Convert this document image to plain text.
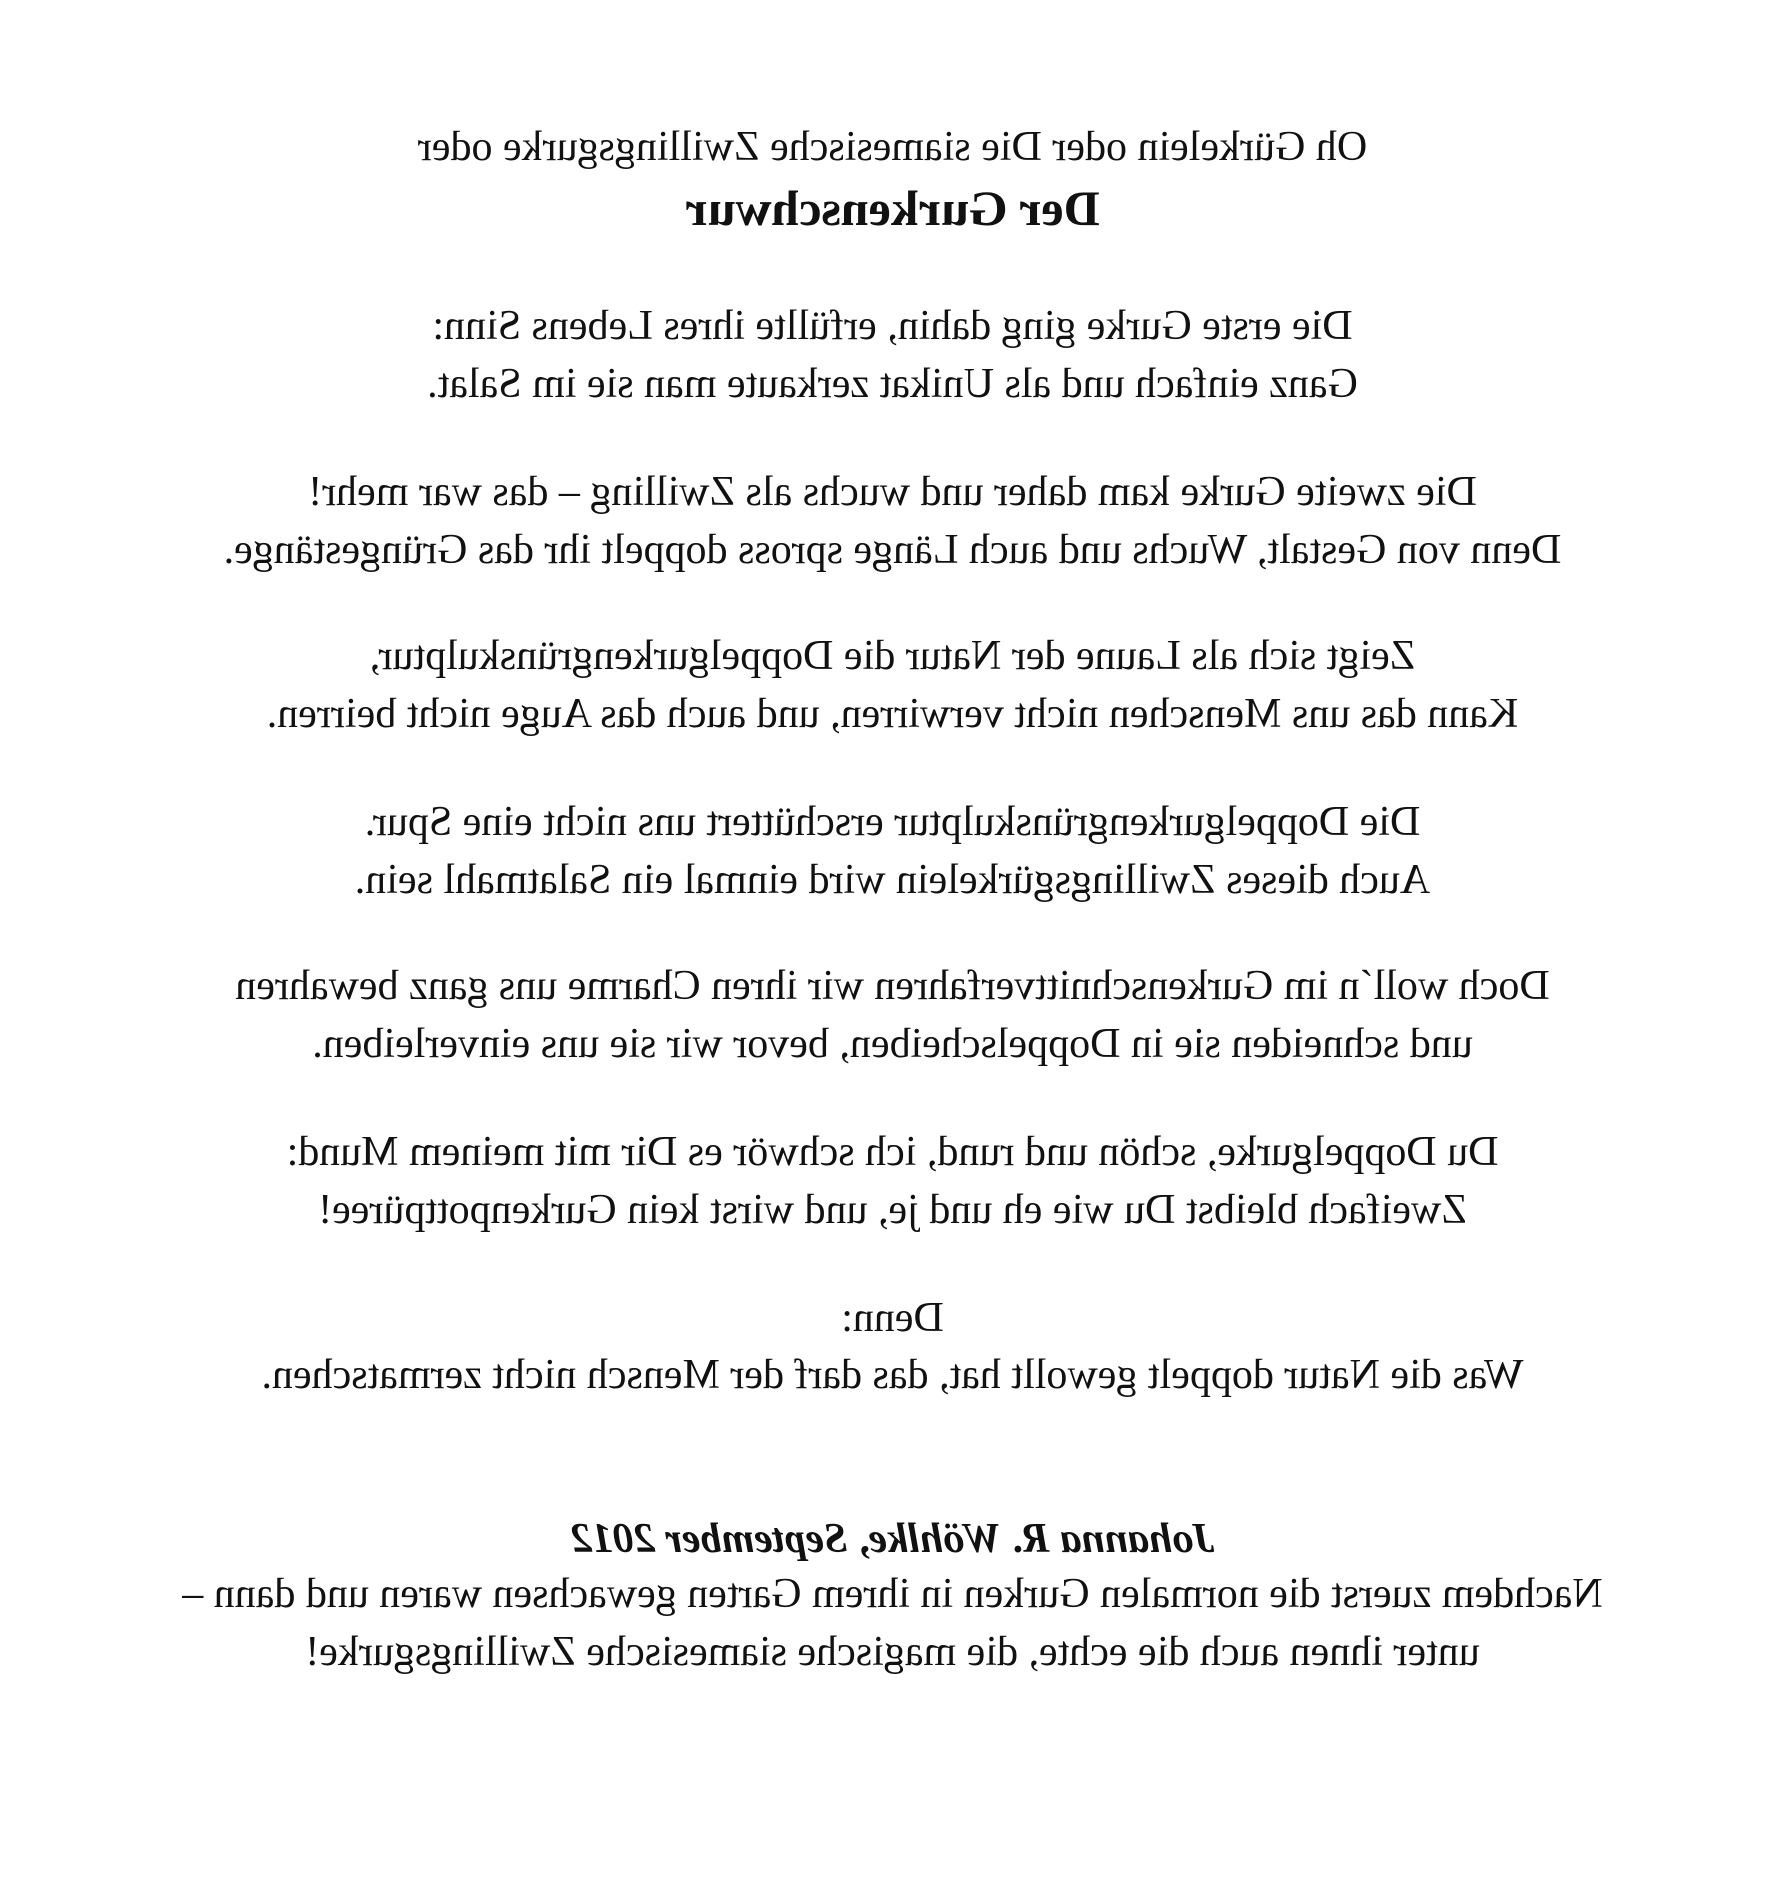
Oh Gürkelein oder Die siamesische Zwillingsgurke oder
Der Gurkenschwur
Die erste Gurke ging dahin, erfüllte ihres Lebens Sinn:
Ganz einfach und als Unikat zerkaute man sie im Salat.
Die zweite Gurke kam daher und wuchs als Zwilling – das war mehr!
Denn von Gestalt, Wuchs und auch Länge spross doppelt ihr das Grüngestänge.
Zeigt sich als Laune der Natur die Doppelgurkengrünskulptur,
Kann das uns Menschen nicht verwirren, und auch das Auge nicht beirren.
Die Doppelgurkengrünskulptur erschüttert uns nicht eine Spur.
Auch dieses Zwillingsgürkelein wird einmal ein Salatmahl sein.
Doch woll´n im Gurkenschnittverfahren wir ihren Charme uns ganz bewahren
und schneiden sie in Doppelscheiben, bevor wir sie uns einverleiben.
Du Doppelgurke, schön und rund, ich schwör es Dir mit meinem Mund:
Zweifach bleibst Du wie eh und je, und wirst kein Gurkenpottpüree!
Denn:
Was die Natur doppelt gewollt hat, das darf der Mensch nicht zermatschen.
Johanna R. Wöhlke, September 2012
Nachdem zuerst die normalen Gurken in ihrem Garten gewachsen waren und dann –
unter ihnen auch die echte, die magische siamesische Zwillingsgurke!
